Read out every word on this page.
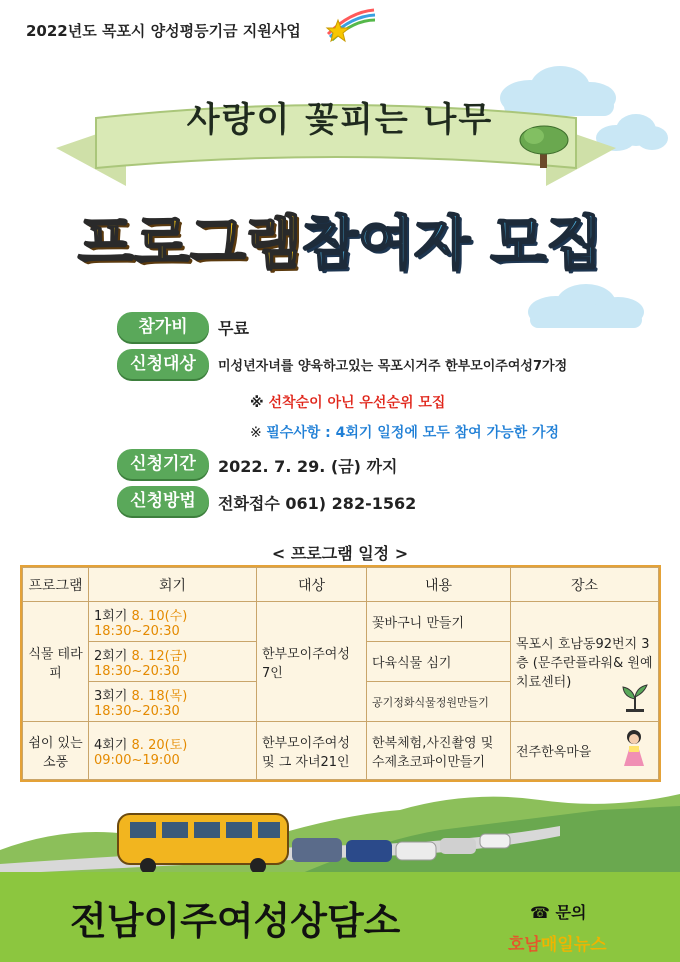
2022년도 목포시 양성평등기금 지원사업
사랑이 꽃피는 나무
프로그램참여자 모집
참가비	무료
신청대상	미성년자녀를 양육하고있는 목포시거주 한부모이주여성7가정
※ 선착순이 아닌 우선순위 모집
※ 필수사항 : 4회기 일정에 모두 참여 가능한 가정
신청기간	2022. 7. 29. (금) 까지
신청방법	전화접수 061) 282-1562
< 프로그램 일정 >
프로그램	회기	대상	내용	장소
식물 테라피	1회기 8. 10(수) 18:30~20:30	한부모이주여성 7인	꽃바구니 만들기	목포시 호남동92번지 3층 (문주란플라워& 원예치료센터)

	2회기 8. 12(금) 18:30~20:30		다육식물 심기	
	3회기 8. 18(목) 18:30~20:30		공기정화식물정원만들기	
쉼이 있는 소풍	4회기 8. 20(토) 09:00~19:00	한부모이주여성및 그 자녀21인	한복체험,사진촬영 및 수제초코파이만들기	전주한옥마을
전남이주여성상담소	☎ 문의
호남매일뉴스
